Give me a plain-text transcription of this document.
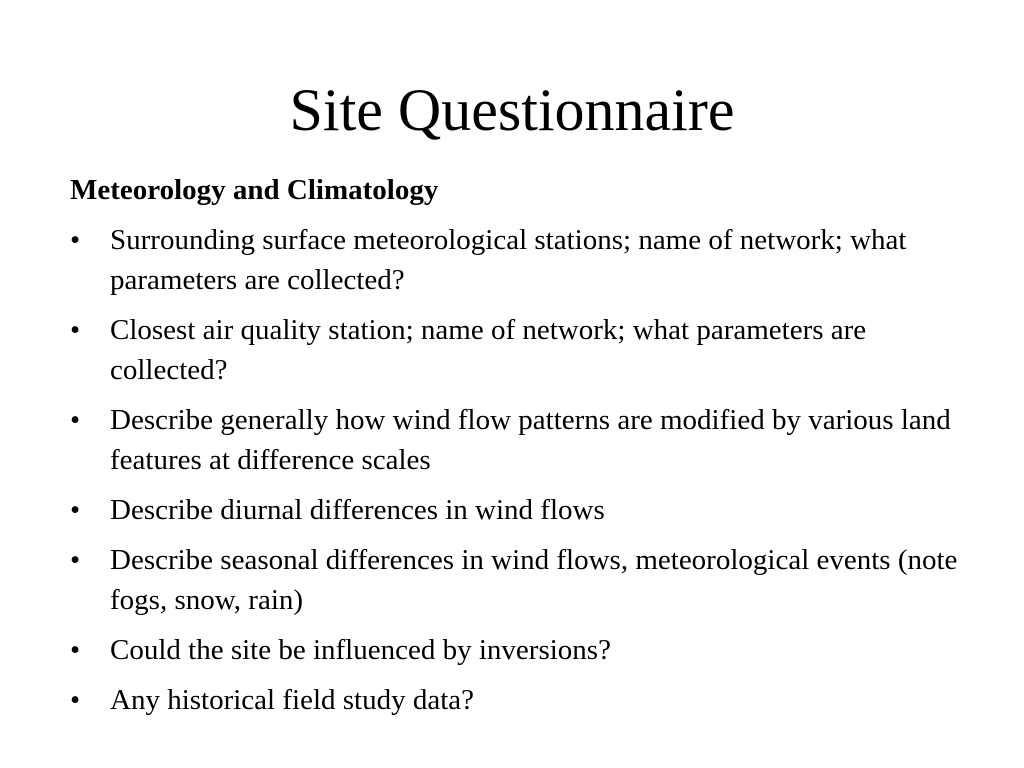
Site Questionnaire
Meteorology and Climatology
• Surrounding surface meteorological stations; name of network; what parameters are collected?
• Closest air quality station; name of network; what parameters are collected?
• Describe generally how wind flow patterns are modified by various land features at difference scales
• Describe diurnal differences in wind flows
• Describe seasonal differences in wind flows, meteorological events (note fogs, snow, rain)
• Could the site be influenced by inversions?
• Any historical field study data?
